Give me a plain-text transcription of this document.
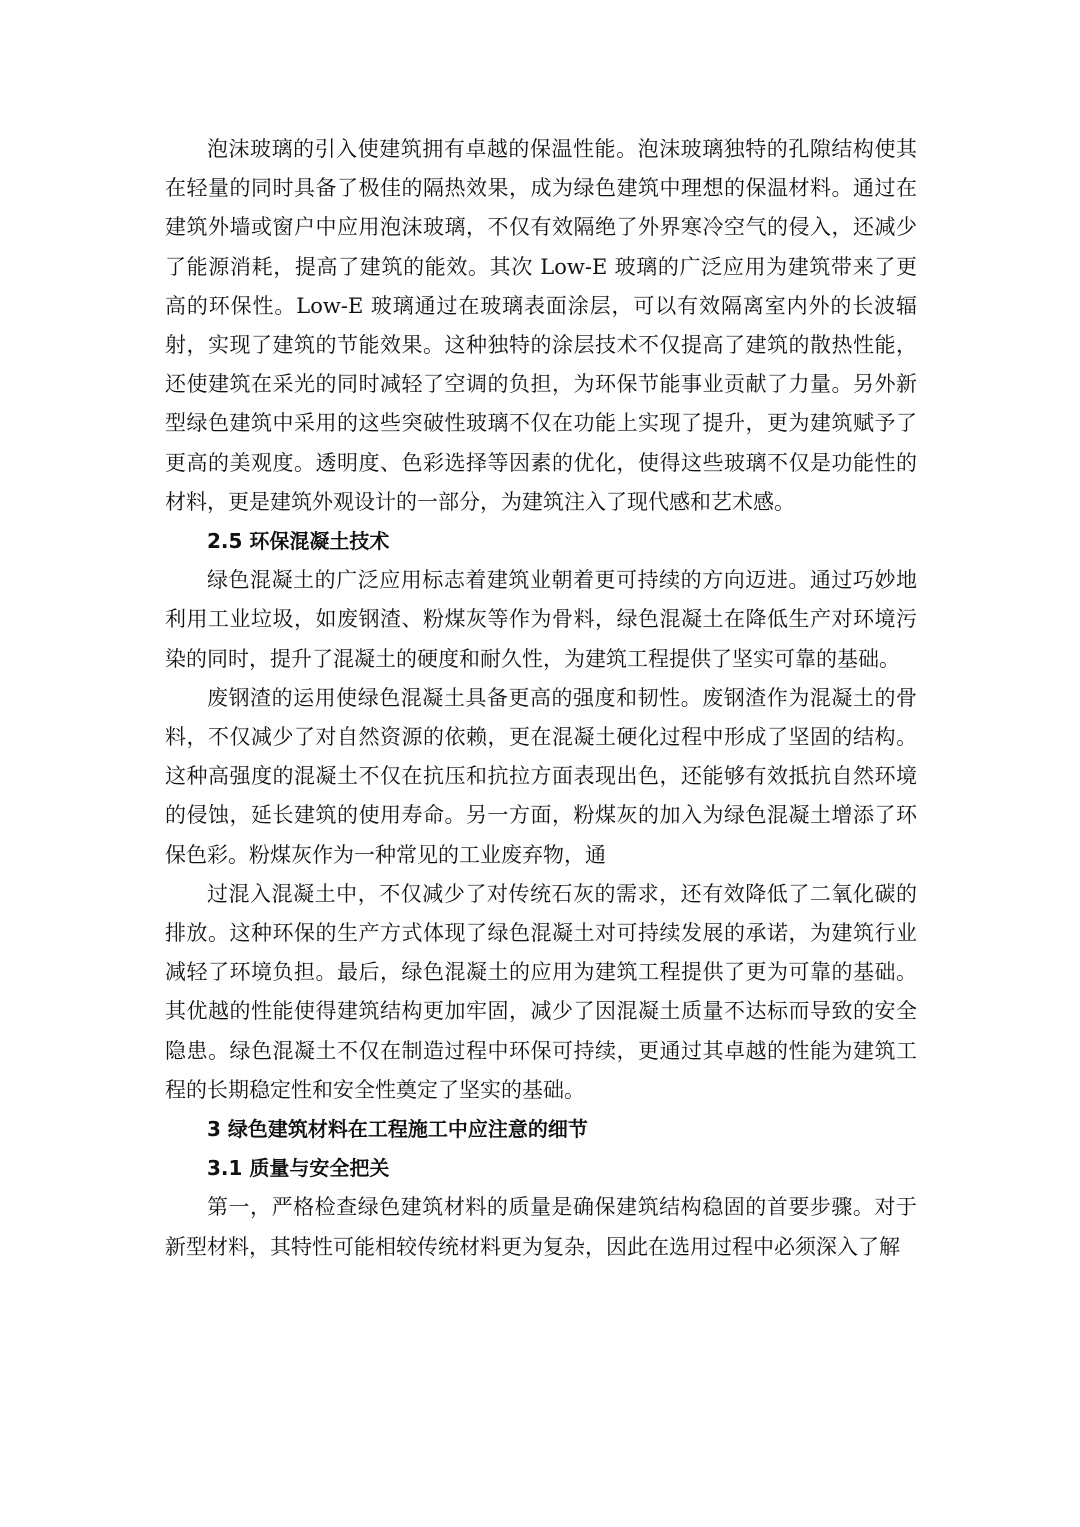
泡沫玻璃的引入使建筑拥有卓越的保温性能。泡沫玻璃独特的孔隙结构使其在轻量的同时具备了极佳的隔热效果，成为绿色建筑中理想的保温材料。通过在建筑外墙或窗户中应用泡沫玻璃，不仅有效隔绝了外界寒冷空气的侵入，还减少了能源消耗，提高了建筑的能效。其次 Low-E 玻璃的广泛应用为建筑带来了更高的环保性。Low-E 玻璃通过在玻璃表面涂层，可以有效隔离室内外的长波辐射，实现了建筑的节能效果。这种独特的涂层技术不仅提高了建筑的散热性能，还使建筑在采光的同时减轻了空调的负担，为环保节能事业贡献了力量。另外新型绿色建筑中采用的这些突破性玻璃不仅在功能上实现了提升，更为建筑赋予了更高的美观度。透明度、色彩选择等因素的优化，使得这些玻璃不仅是功能性的材料，更是建筑外观设计的一部分，为建筑注入了现代感和艺术感。

2.5 环保混凝土技术

绿色混凝土的广泛应用标志着建筑业朝着更可持续的方向迈进。通过巧妙地利用工业垃圾，如废钢渣、粉煤灰等作为骨料，绿色混凝土在降低生产对环境污染的同时，提升了混凝土的硬度和耐久性，为建筑工程提供了坚实可靠的基础。

废钢渣的运用使绿色混凝土具备更高的强度和韧性。废钢渣作为混凝土的骨料，不仅减少了对自然资源的依赖，更在混凝土硬化过程中形成了坚固的结构。这种高强度的混凝土不仅在抗压和抗拉方面表现出色，还能够有效抵抗自然环境的侵蚀，延长建筑的使用寿命。另一方面，粉煤灰的加入为绿色混凝土增添了环保色彩。粉煤灰作为一种常见的工业废弃物，通

过混入混凝土中，不仅减少了对传统石灰的需求，还有效降低了二氧化碳的排放。这种环保的生产方式体现了绿色混凝土对可持续发展的承诺，为建筑行业减轻了环境负担。最后，绿色混凝土的应用为建筑工程提供了更为可靠的基础。其优越的性能使得建筑结构更加牢固，减少了因混凝土质量不达标而导致的安全隐患。绿色混凝土不仅在制造过程中环保可持续，更通过其卓越的性能为建筑工程的长期稳定性和安全性奠定了坚实的基础。

3 绿色建筑材料在工程施工中应注意的细节

3.1 质量与安全把关

第一，严格检查绿色建筑材料的质量是确保建筑结构稳固的首要步骤。对于新型材料，其特性可能相较传统材料更为复杂，因此在选用过程中必须深入了解
